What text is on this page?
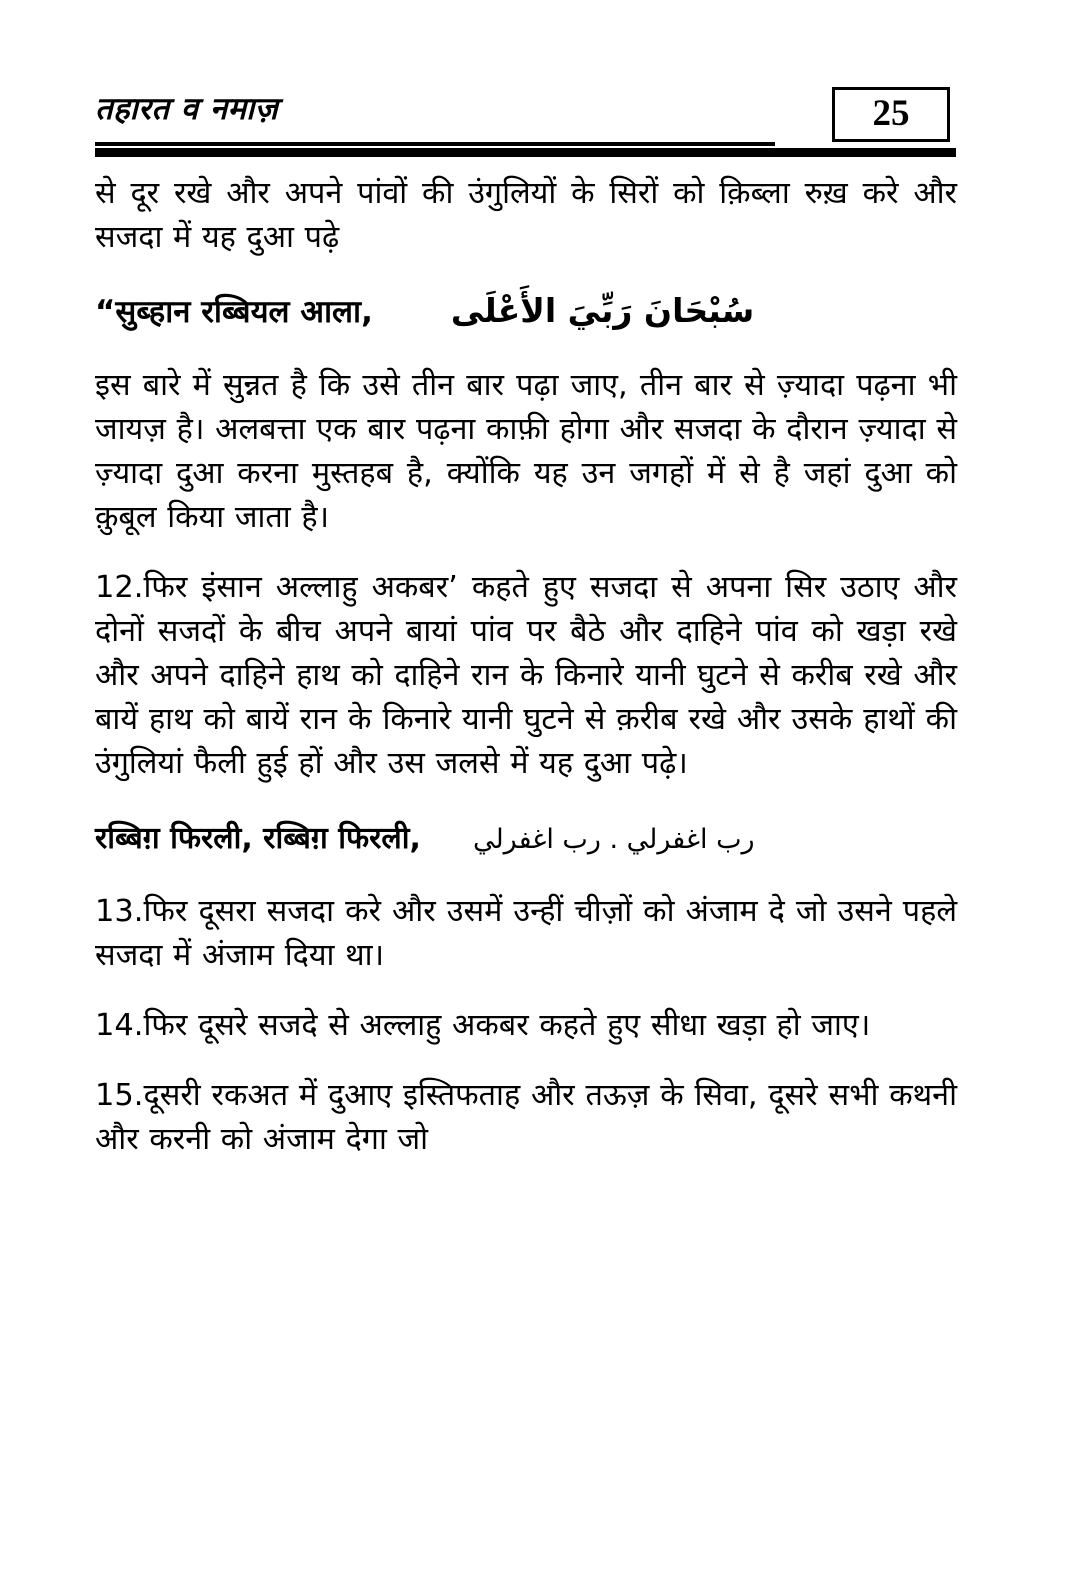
तहारत व नमाज़	25

से दूर रखे और अपने पांवों की उंगुलियों के सिरों को क़िब्ला रुख़ करे और सजदा में यह दुआ पढ़े

“सुब्हान रब्बियल आला, سُبْحَانَ رَبِّيَ الأَعْلَى

इस बारे में सुन्नत है कि उसे तीन बार पढ़ा जाए, तीन बार से ज़्यादा पढ़ना भी जायज़ है। अलबत्ता एक बार पढ़ना काफ़ी होगा और सजदा के दौरान ज़्यादा से ज़्यादा दुआ करना मुस्तहब है, क्योंकि यह उन जगहों में से है जहां दुआ को क़ुबूल किया जाता है।

12.फिर इंसान अल्लाहु अकबर’ कहते हुए सजदा से अपना सिर उठाए और दोनों सजदों के बीच अपने बायां पांव पर बैठे और दाहिने पांव को खड़ा रखे और अपने दाहिने हाथ को दाहिने रान के किनारे यानी घुटने से करीब रखे और बायें हाथ को बायें रान के किनारे यानी घुटने से क़रीब रखे और उसके हाथों की उंगुलियां फैली हुई हों और उस जलसे में यह दुआ पढ़े।

रब्बिग़ फिरली, रब्बिग़ फिरली, رب اغفرلي . رب اغفرلي

13.फिर दूसरा सजदा करे और उसमें उन्हीं चीज़ों को अंजाम दे जो उसने पहले सजदा में अंजाम दिया था।

14.फिर दूसरे सजदे से अल्लाहु अकबर कहते हुए सीधा खड़ा हो जाए।

15.दूसरी रकअत में दुआए इस्तिफताह और तऊज़ के सिवा, दूसरे सभी कथनी और करनी को अंजाम देगा जो
